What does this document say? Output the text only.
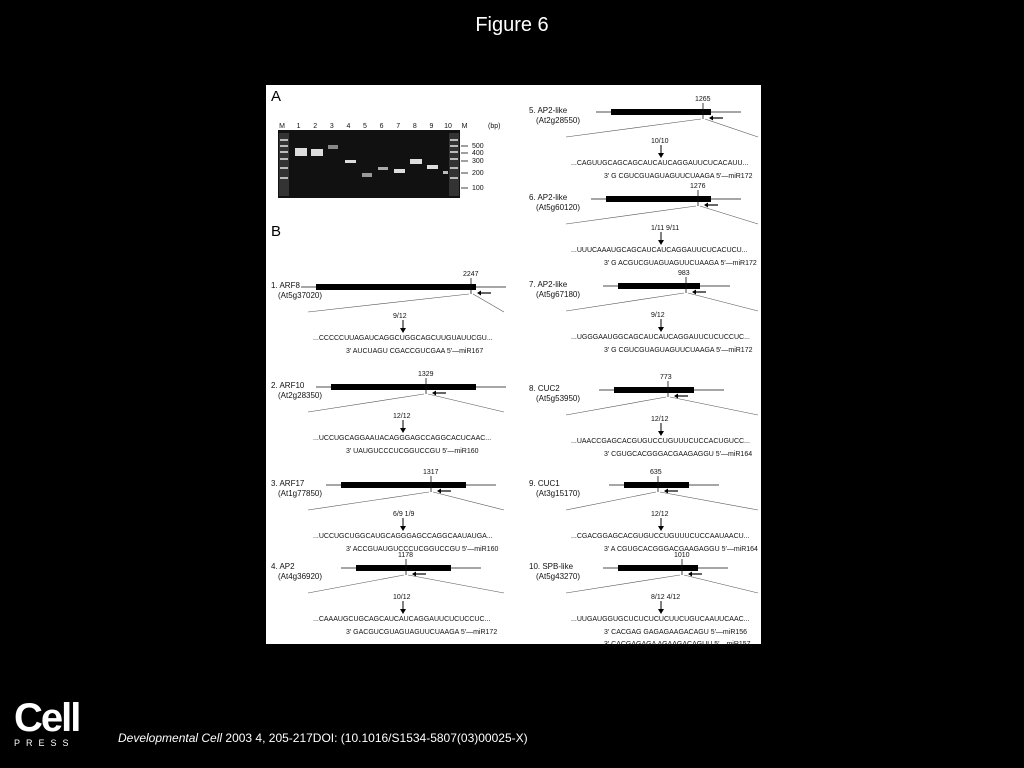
Figure 6
M 1 2 3 4 5 6 7 8 9 10 M	(bp)
500
400
300
200
100
1. ARF8
(At5g37020)
2247
9/12
...CCCCCUUAGAUCAGGCUGGCAGCUUGUAUUCGU...
3′ AUCUAGU CGACCGUCGAA 5′—miR167
2. ARF10
(At2g28350)
1329
12/12
...UCCUGCAGGAAUACAGGGAGCCAGGCACUCAAC...
3′ UAUGUCCCUCGGUCCGU 5′—miR160
3. ARF17
(At1g77850)
1317
6/9 1/9
...UCCUGCUGGCAUGCAGGGAGCCAGGCAAUAUGA...
3′ ACCGUAUGUCCCUCGGUCCGU 5′—miR160
4. AP2
(At4g36920)
1178
10/12
...CAAAUGCUGCAGCAUCAUCAGGAUUCUCUCCUC...
3′ GACGUCGUAGUAGUUCUAAGA 5′—miR172
5. AP2-like
(At2g28550)
1265
10/10
...CAGUUGCAGCAGCAUCAUCAGGAUUCUCACAUU...
3′ G CGUCGUAGUAGUUCUAAGA 5′—miR172
6. AP2-like
(At5g60120)
1276
1/11 9/11
...UUUCAAAUGCAGCAUCAUCAGGAUUCUCACUCU...
3′ G ACGUCGUAGUAGUUCUAAGA 5′—miR172
7. AP2-like
(At5g67180)
983
9/12
...UGGGAAUGGCAGCAUCAUCAGGAUUCUCUCCUC...
3′ G CGUCGUAGUAGUUCUAAGA 5′—miR172
8. CUC2
(At5g53950)
773
12/12
...UAACCGAGCACGUGUCCUGUUUCUCCACUGUCC...
3′ CGUGCACGGGACGAAGAGGU 5′—miR164
9. CUC1
(At3g15170)
635
12/12
...CGACGGAGCACGUGUCCUGUUUCUCCAAUAACU...
3′ A CGUGCACGGGACGAAGAGGU 5′—miR164
10. SPB-like
(At5g43270)
1010
8/12 4/12
...UUGAUGGUGCUCUCUCUCUUCUGUCAAUUCAAC...
3′ CACGAG GAGAGAAGACAGU 5′—miR156
3′ CACGAGAGA AGAAGACAGUU 5′—miR157
A
B
Cell
PRESS	Developmental Cell 2003 4, 205-217DOI: (10.1016/S1534-5807(03)00025-X)
